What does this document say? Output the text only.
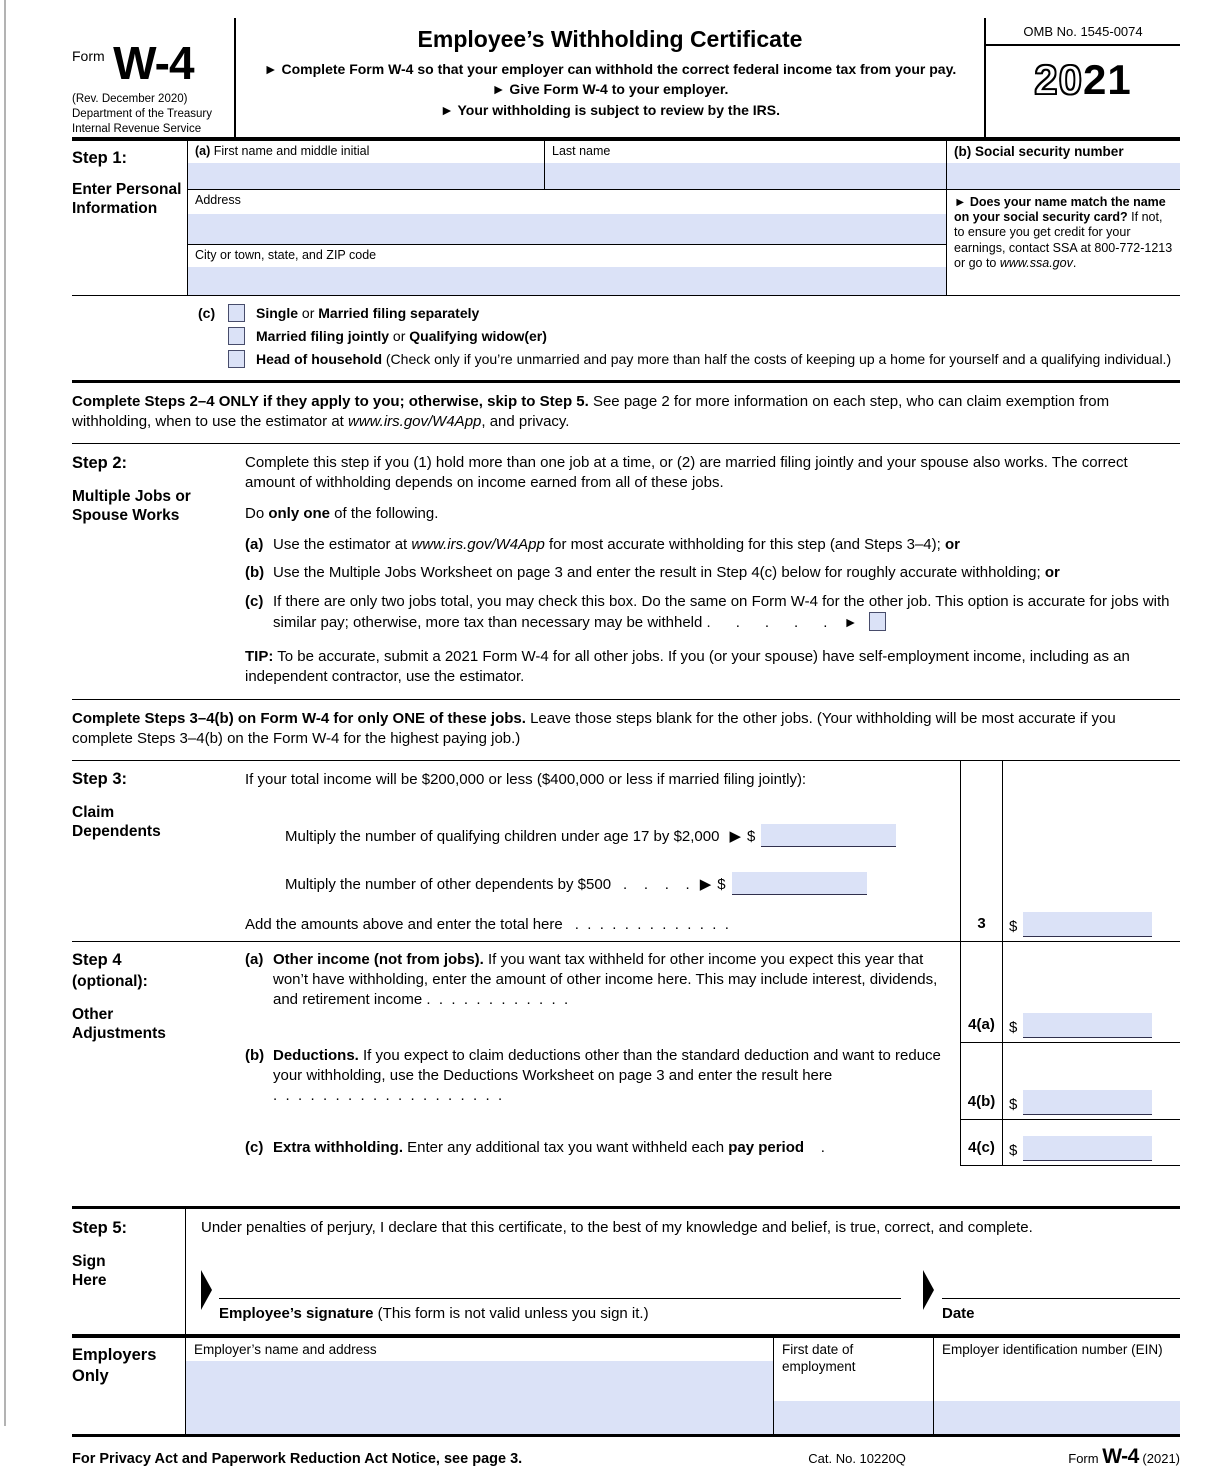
Form W-4
(Rev. December 2020)
Department of the Treasury
Internal Revenue Service
Employee’s Withholding Certificate
► Complete Form W-4 so that your employer can withhold the correct federal income tax from your pay.
► Give Form W-4 to your employer.
► Your withholding is subject to review by the IRS.
OMB No. 1545-0074
2021
Step 1:
Enter Personal Information
(a) First name and middle initial	Last name
Address
City or town, state, and ZIP code
(b) Social security number
► Does your name match the name on your social security card? If not, to ensure you get credit for your earnings, contact SSA at 800-772-1213 or go to www.ssa.gov.
(c)	Single or Married filing separately
Married filing jointly or Qualifying widow(er)
Head of household (Check only if you’re unmarried and pay more than half the costs of keeping up a home for yourself and a qualifying individual.)
Complete Steps 2–4 ONLY if they apply to you; otherwise, skip to Step 5. See page 2 for more information on each step, who can claim exemption from withholding, when to use the estimator at www.irs.gov/W4App, and privacy.
Step 2:
Multiple Jobs or Spouse Works

Complete this step if you (1) hold more than one job at a time, or (2) are married filing jointly and your spouse also works. The correct amount of withholding depends on income earned from all of these jobs.

Do only one of the following.

(a) Use the estimator at www.irs.gov/W4App for most accurate withholding for this step (and Steps 3–4); or
(b) Use the Multiple Jobs Worksheet on page 3 and enter the result in Step 4(c) below for roughly accurate withholding; or
(c) If there are only two jobs total, you may check this box. Do the same on Form W-4 for the other job. This option is accurate for jobs with similar pay; otherwise, more tax than necessary may be withheld .      .      .      .      . ►
TIP: To be accurate, submit a 2021 Form W-4 for all other jobs. If you (or your spouse) have self-employment income, including as an independent contractor, use the estimator.
Complete Steps 3–4(b) on Form W-4 for only ONE of these jobs. Leave those steps blank for the other jobs. (Your withholding will be most accurate if you complete Steps 3–4(b) on the Form W-4 for the highest paying job.)
Step 3:	If your total income will be $200,000 or less ($400,000 or less if married filing jointly):
Claim Dependents	Multiply the number of qualifying children under age 17 by $2,000 ▶ $
Multiply the number of other dependents by $500 .    .    .    . ▶ $
Add the amounts above and enter the total here .  .  .  .  .  .  .  .  .  .  .  .  .	3	$
Step 4
(optional):
Other Adjustments
(a) Other income (not from jobs). If you want tax withheld for other income you expect this year that won’t have withholding, enter the amount of other income here. This may include interest, dividends, and retirement income .  .  .  .  .  .  .  .  .  .  .  .
4(a) $
(b) Deductions. If you expect to claim deductions other than the standard deduction and want to reduce your withholding, use the Deductions Worksheet on page 3 and enter the result here .  .  .  .  .  .  .  .  .  .  .  .  .  .  .  .  .  .  .	4(b) $
(c) Extra withholding. Enter any additional tax you want withheld each pay period    .	4(c) $
Step 5:
Sign Here
Under penalties of perjury, I declare that this certificate, to the best of my knowledge and belief, is true, correct, and complete.
Employee’s signature (This form is not valid unless you sign it.)	Date
Employers Only
Employer’s name and address	First date of employment
Employer identification number (EIN)
For Privacy Act and Paperwork Reduction Act Notice, see page 3.	Cat. No. 10220Q	Form W-4 (2021)
